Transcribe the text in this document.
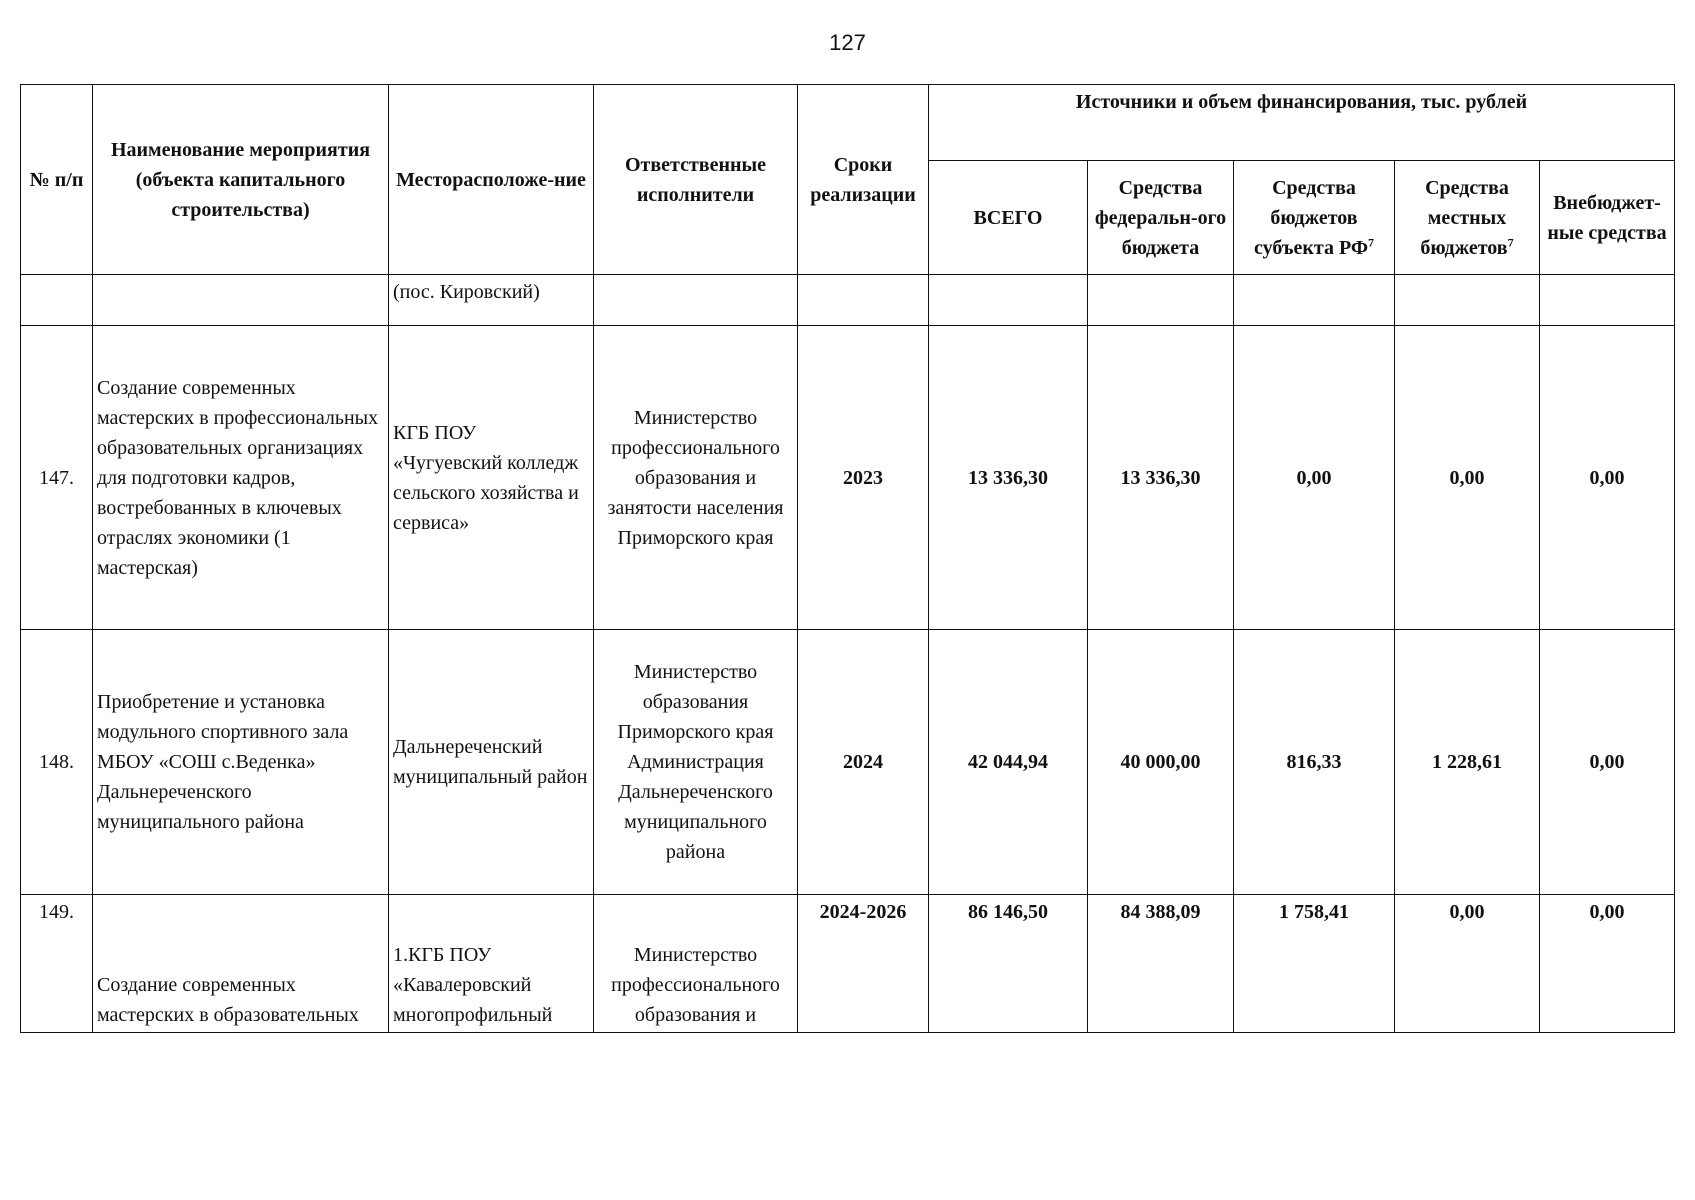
127
№ п/п	Наименование мероприятия (объекта капитального строительства)	Месторасположе-ние	Ответственные исполнители	Сроки реализации	Источники и объем финансирования, тыс. рублей				
					ВСЕГО	Средства федеральн-ого бюджета	Средства бюджетов субъекта $РФ^7$	Средства местных бюджетов$^7$	Внебюджет-ные средства
		(пос. Кировский)							
147.	Создание современных мастерских в профессиональных образовательных организациях для подготовки кадров, востребованных в ключевых отраслях экономики (1 мастерская)	КГБ ПОУ «Чугуевский колледж сельского хозяйства и сервиса»	Министерство профессионального образования и занятости населения Приморского края	2023	13 336,30	13 336,30	0,00	0,00	0,00
148.	Приобретение и установка модульного спортивного зала МБОУ «СОШ с.Веденка» Дальнереченского муниципального района	Дальнереченский муниципальный район	Министерство образования Приморского края Администрация Дальнереченского муниципального района	2024	42 044,94	40 000,00	816,33	1 228,61	0,00
149.	Создание современных мастерских в образовательных	1.КГБ ПОУ «Кавалеровский многопрофильный	Министерство профессионального образования и	2024-2026	86 146,50	84 388,09	1 758,41	0,00	0,00
